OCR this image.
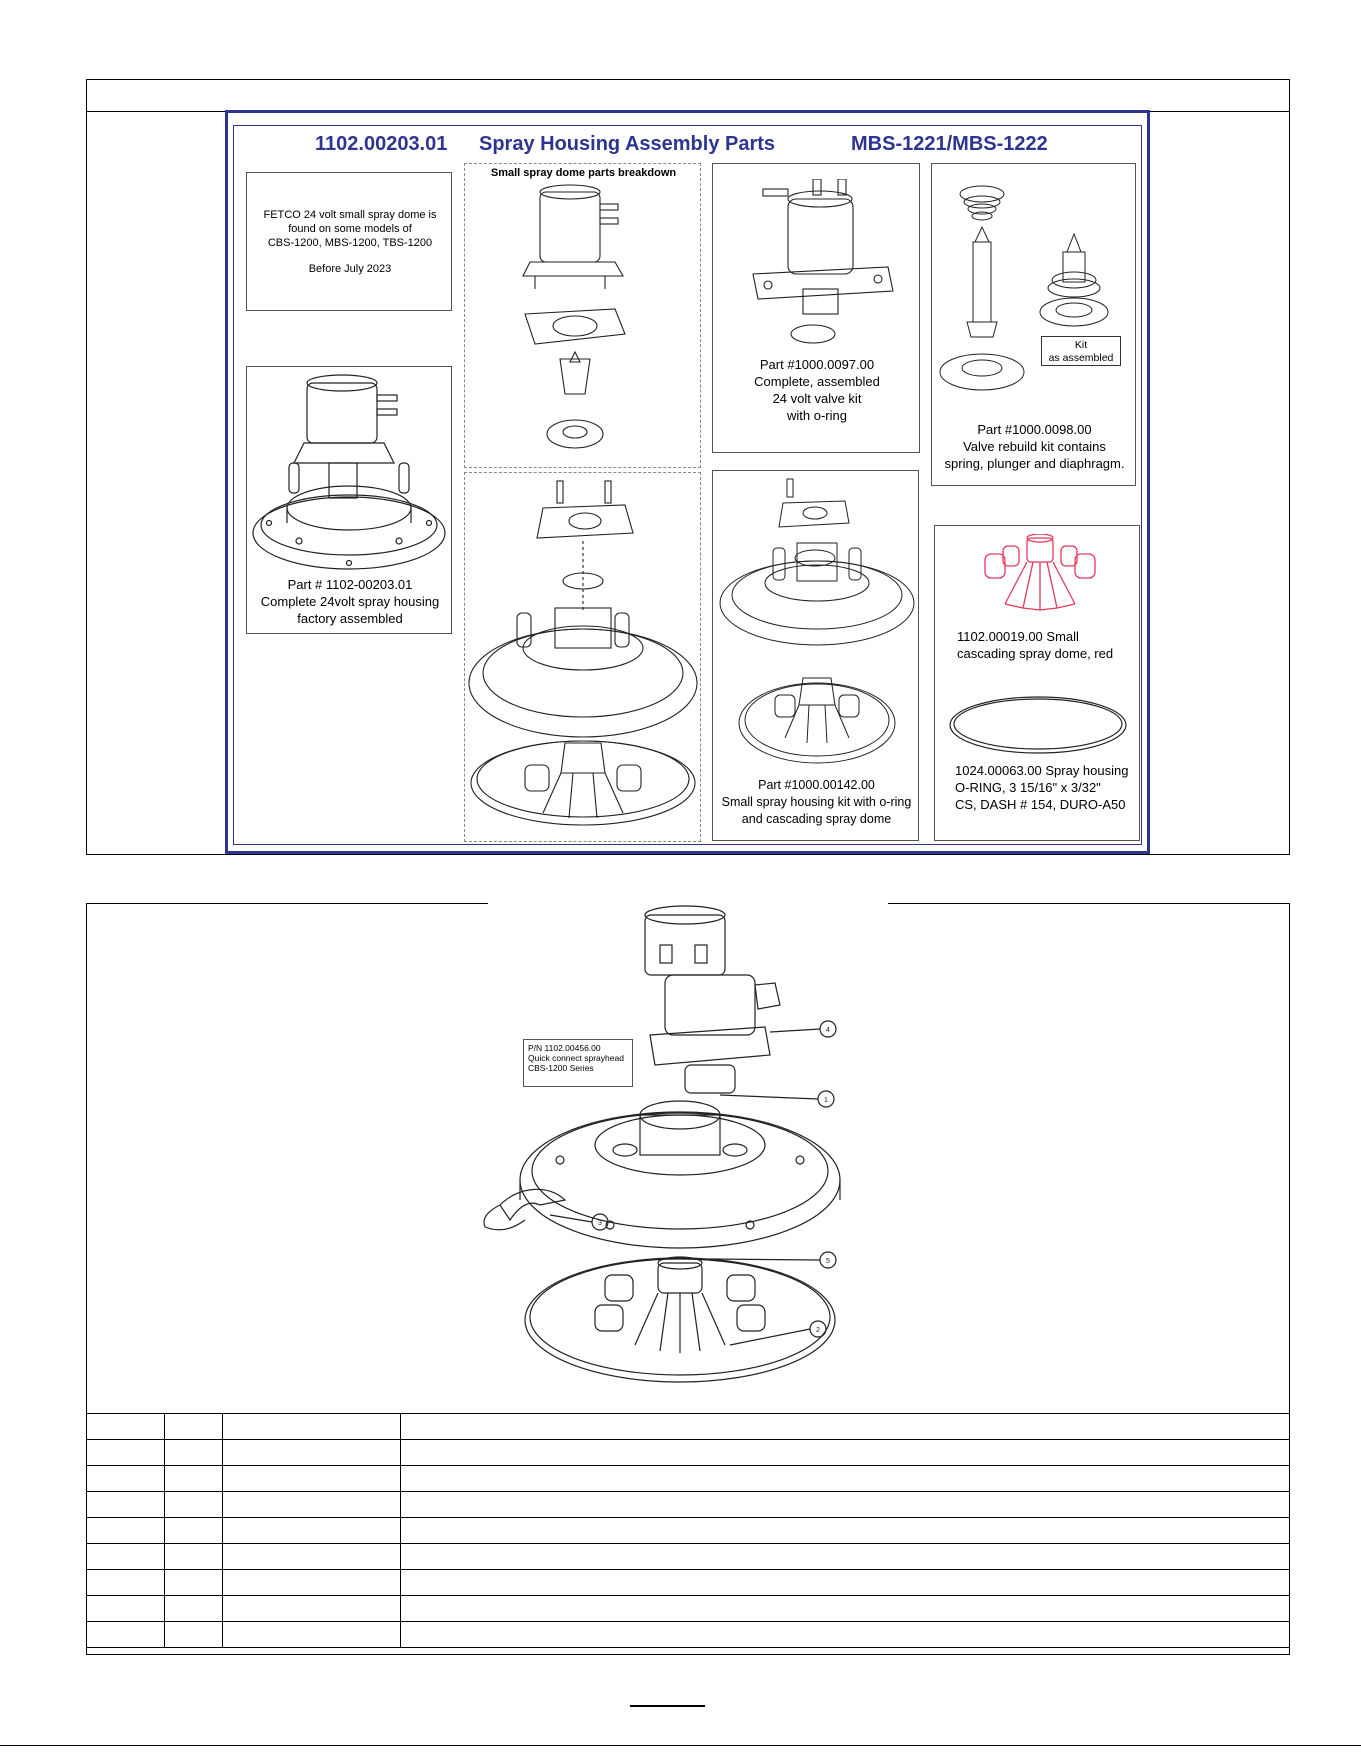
1102.00203.01 Spray Housing Assembly Parts	MBS-1221/MBS-1222
FETCO 24 volt small spray dome is
found on some models of
CBS-1200, MBS-1200, TBS-1200
Before July 2023
Part # 1102-00203.01
Complete 24volt spray housing
factory assembled
Small spray dome parts breakdown
Part #1000.0097.00
Complete, assembled
24 volt valve kit
with o-ring
Kit
as assembled
Part #1000.0098.00
Valve rebuild kit contains
spring, plunger and diaphragm.
Part #1000.00142.00
Small spray housing kit with o-ring
and cascading spray dome
1102.00019.00 Small
cascading spray dome, red
1024.00063.00 Spray housing
O-RING, 3 15/16" x 3/32"
CS, DASH # 154, DURO-A50
4
1
3
5
2
P/N 1102.00456.00
Quick connect sprayhead
CBS-1200 Series
